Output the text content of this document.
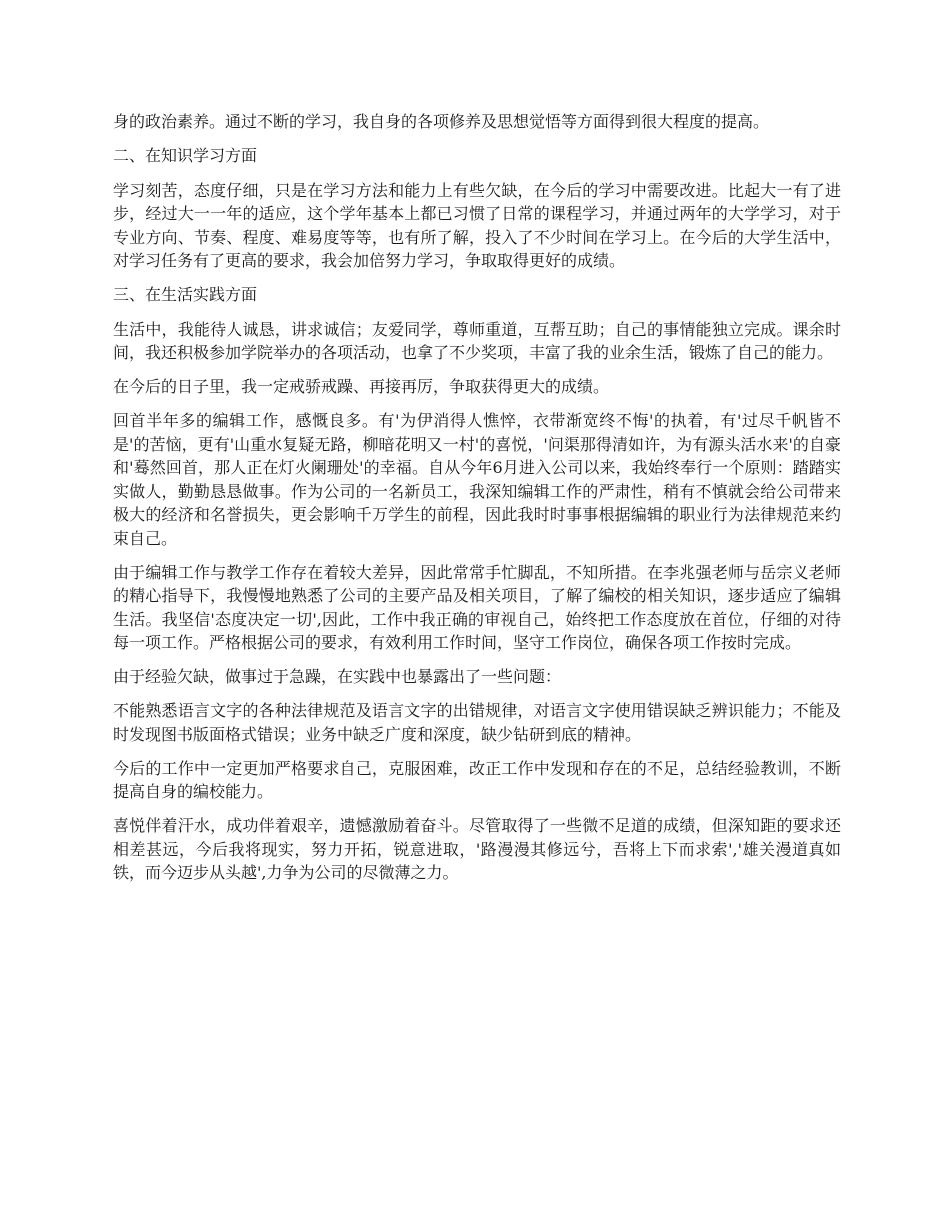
身的政治素养。通过不断的学习，我自身的各项修养及思想觉悟等方面得到很大程度的提高。

二、在知识学习方面

学习刻苦，态度仔细，只是在学习方法和能力上有些欠缺，在今后的学习中需要改进。比起大一有了进步，经过大一一年的适应，这个学年基本上都已习惯了日常的课程学习，并通过两年的大学学习，对于专业方向、节奏、程度、难易度等等，也有所了解，投入了不少时间在学习上。在今后的大学生活中，对学习任务有了更高的要求，我会加倍努力学习，争取取得更好的成绩。

三、在生活实践方面

生活中，我能待人诚恳，讲求诚信；友爱同学，尊师重道，互帮互助；自己的事情能独立完成。课余时间，我还积极参加学院举办的各项活动，也拿了不少奖项，丰富了我的业余生活，锻炼了自己的能力。

在今后的日子里，我一定戒骄戒躁、再接再厉，争取获得更大的成绩。

回首半年多的编辑工作，感慨良多。有'为伊消得人憔悴，衣带渐宽终不悔'的执着，有'过尽千帆皆不是'的苦恼，更有'山重水复疑无路，柳暗花明又一村'的喜悦，'问渠那得清如许，为有源头活水来'的自豪和'蓦然回首，那人正在灯火阑珊处'的幸福。自从今年6月进入公司以来，我始终奉行一个原则：踏踏实实做人，勤勤恳恳做事。作为公司的一名新员工，我深知编辑工作的严肃性，稍有不慎就会给公司带来极大的经济和名誉损失，更会影响千万学生的前程，因此我时时事事根据编辑的职业行为法律规范来约束自己。

由于编辑工作与教学工作存在着较大差异，因此常常手忙脚乱，不知所措。在李兆强老师与岳宗义老师的精心指导下，我慢慢地熟悉了公司的主要产品及相关项目，了解了编校的相关知识，逐步适应了编辑生活。我坚信'态度决定一切',因此，工作中我正确的审视自己，始终把工作态度放在首位，仔细的对待每一项工作。严格根据公司的要求，有效利用工作时间，坚守工作岗位，确保各项工作按时完成。

由于经验欠缺，做事过于急躁，在实践中也暴露出了一些问题：

不能熟悉语言文字的各种法律规范及语言文字的出错规律，对语言文字使用错误缺乏辨识能力；不能及时发现图书版面格式错误；业务中缺乏广度和深度，缺少钻研到底的精神。

今后的工作中一定更加严格要求自己，克服困难，改正工作中发现和存在的不足，总结经验教训，不断提高自身的编校能力。

喜悦伴着汗水，成功伴着艰辛，遗憾激励着奋斗。尽管取得了一些微不足道的成绩，但深知距的要求还相差甚远，今后我将现实，努力开拓，锐意进取，'路漫漫其修远兮，吾将上下而求索','雄关漫道真如铁，而今迈步从头越',力争为公司的尽微薄之力。
